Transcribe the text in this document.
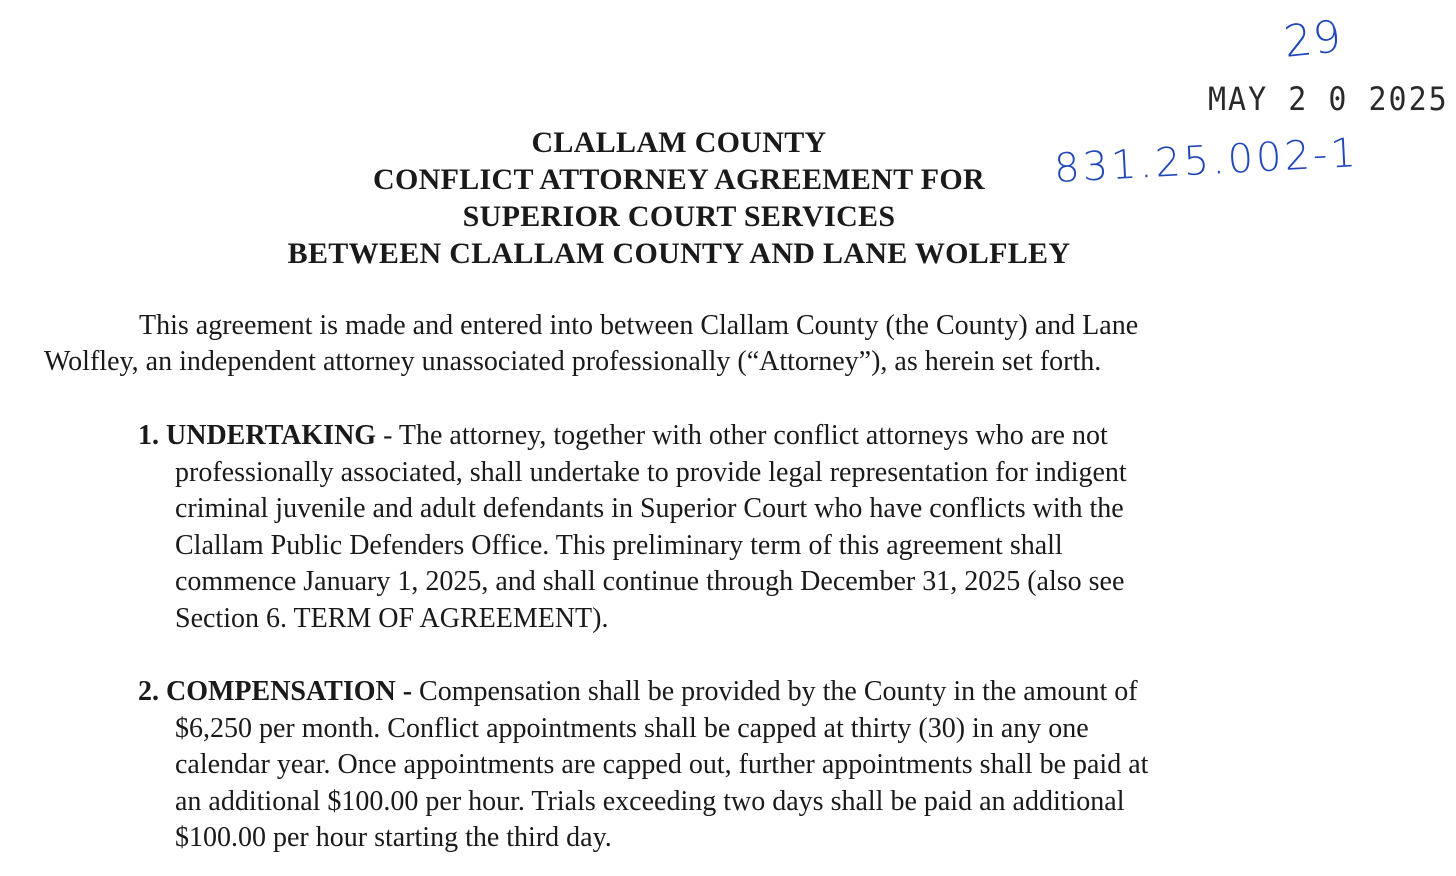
29
MAY 2 0 2025
831.25.002-1
CLALLAM COUNTY
CONFLICT ATTORNEY AGREEMENT FOR
SUPERIOR COURT SERVICES
BETWEEN CLALLAM COUNTY AND LANE WOLFLEY
This agreement is made and entered into between Clallam County (the County) and Lane
Wolfley, an independent attorney unassociated professionally (“Attorney”), as herein set forth.
1. UNDERTAKING - The attorney, together with other conflict attorneys who are not
professionally associated, shall undertake to provide legal representation for indigent
criminal juvenile and adult defendants in Superior Court who have conflicts with the
Clallam Public Defenders Office. This preliminary term of this agreement shall
commence January 1, 2025, and shall continue through December 31, 2025 (also see
Section 6. TERM OF AGREEMENT).
2. COMPENSATION - Compensation shall be provided by the County in the amount of
$6,250 per month. Conflict appointments shall be capped at thirty (30) in any one
calendar year. Once appointments are capped out, further appointments shall be paid at
an additional $100.00 per hour. Trials exceeding two days shall be paid an additional
$100.00 per hour starting the third day.
